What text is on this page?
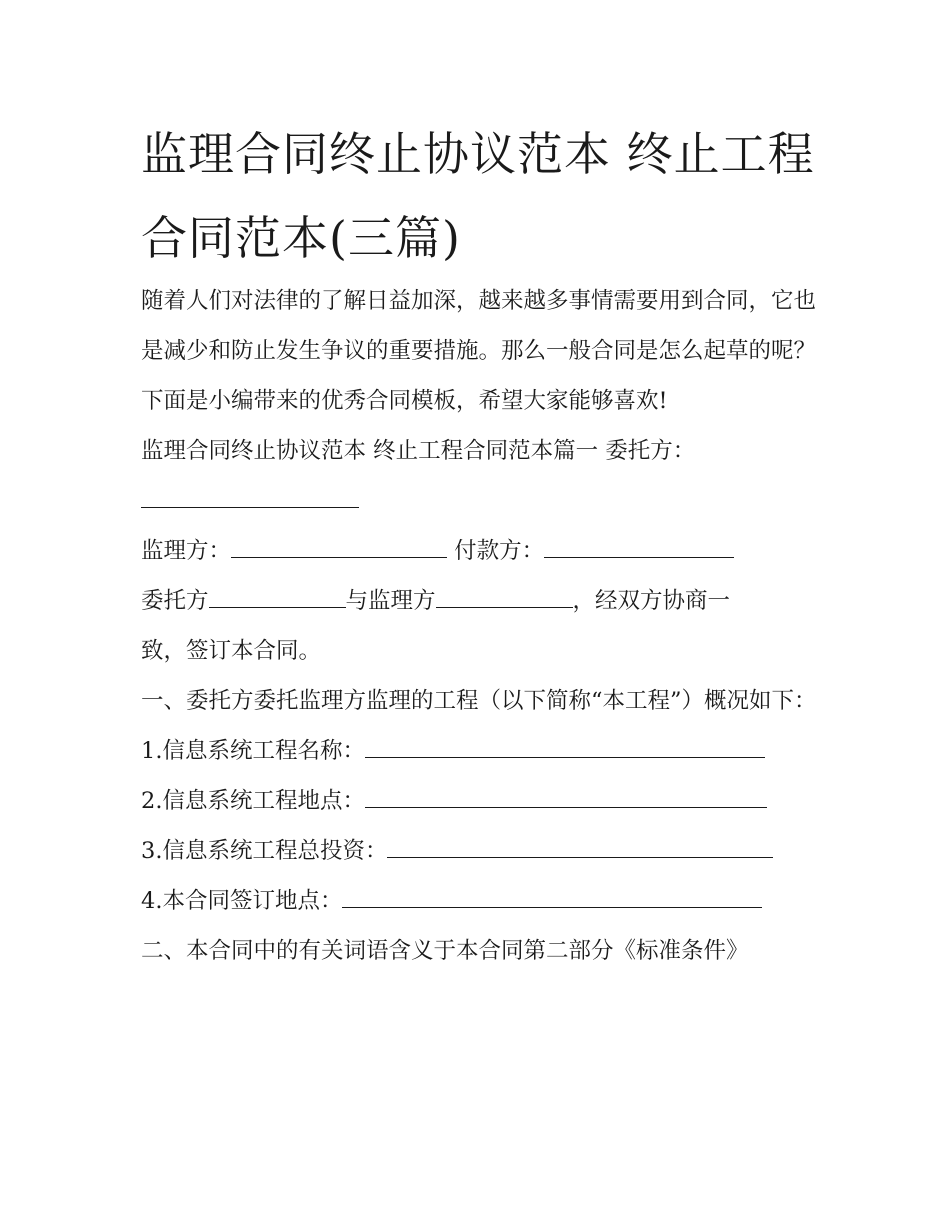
监理合同终止协议范本 终止工程合同范本(三篇)

随着人们对法律的了解日益加深，越来越多事情需要用到合同，它也是减少和防止发生争议的重要措施。那么一般合同是怎么起草的呢？下面是小编带来的优秀合同模板，希望大家能够喜欢!

监理合同终止协议范本 终止工程合同范本篇一 委托方：

监理方：	付款方：

委托方	与监理方	，经双方协商一

致，签订本合同。

一、委托方委托监理方监理的工程（以下简称“本工程”）概况如下：

1.信息系统工程名称：

2.信息系统工程地点：

3.信息系统工程总投资：

4.本合同签订地点：

二、本合同中的有关词语含义于本合同第二部分《标准条件》
